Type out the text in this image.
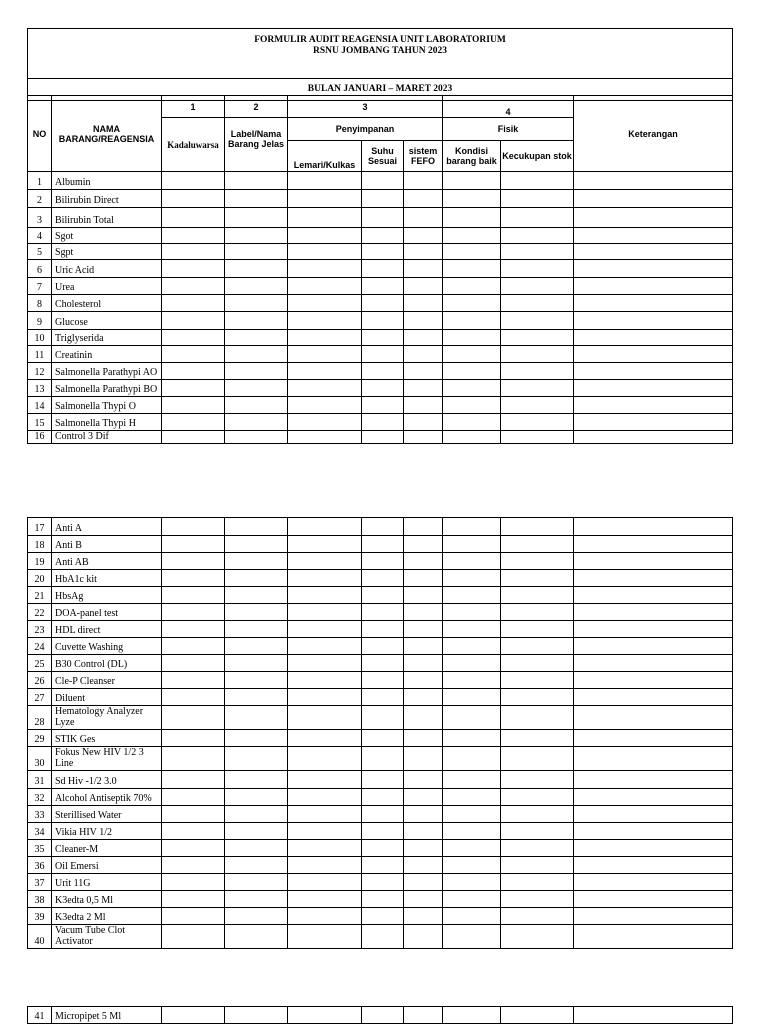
FORMULIR AUDIT REAGENSIA UNIT LABORATORIUM
RSNU JOMBANG TAHUN 2023

BULAN JANUARI – MARET 2023
NO	NAMA BARANG/REAGENSIA	1	2	3			4		Keterangan
		Kadaluwarsa	Label/Nama Barang Jelas	Penyimpanan			Fisik		
				Lemari/Kulkas	Suhu Sesuai	sistem FEFO	Kondisi barang baik	Kecukupan stok	
1	Albumin								
2	Bilirubin Direct								
3	Bilirubin Total								
4	Sgot								
5	Sgpt								
6	Uric Acid								
7	Urea								
8	Cholesterol								
9	Glucose								
10	Triglyserida								
11	Creatinin								
12	Salmonella Parathypi AO								
13	Salmonella Parathypi BO								
14	Salmonella Thypi O								
15	Salmonella Thypi H								
16	Control 3 Dif								
17	Anti A								
18	Anti B								
19	Anti AB								
20	HbA1c kit								
21	HbsAg								
22	DOA-panel test								
23	HDL direct								
24	Cuvette Washing								
25	B30 Control (DL)								
26	Cle-P Cleanser								
27	Diluent								
28	Hematology Analyzer Lyze								
29	STIK Ges								
30	Fokus New HIV 1/2 3 Line								
31	Sd Hiv -1/2 3.0								
32	Alcohol Antiseptik 70%								
33	Sterillised Water								
34	Vikia HIV 1/2								
35	Cleaner-M								
36	Oil Emersi								
37	Urit 11G								
38	K3edta 0,5 Ml								
39	K3edta 2 Ml								
40	Vacum Tube Clot Activator								
41	Micropipet 5 Ml								
